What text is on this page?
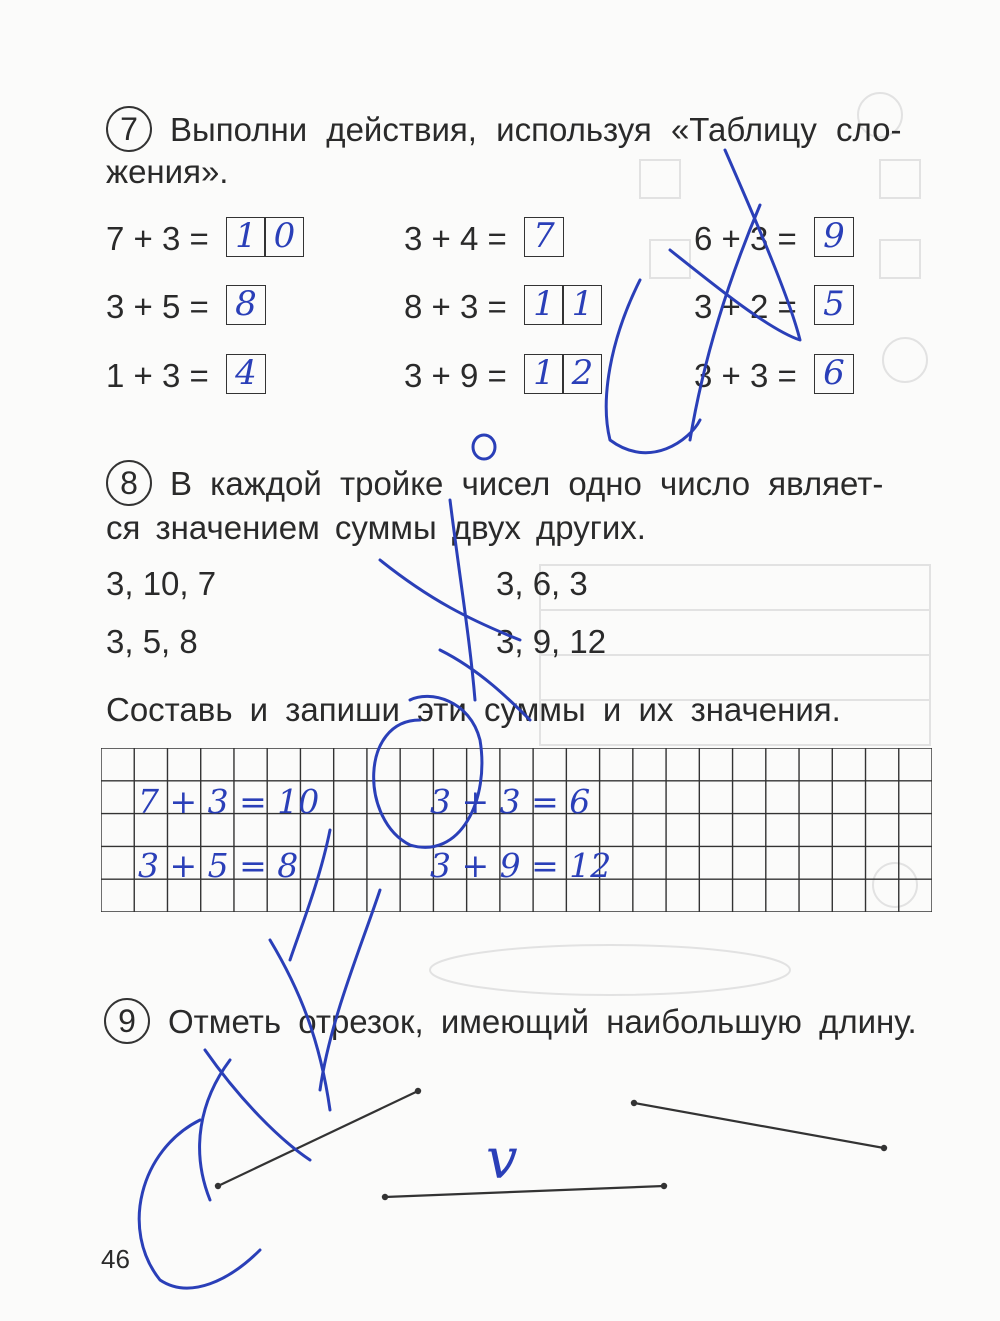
7 Выполни действия, используя «Таблицу сло-
жения».
7 + 3 = 1 0	3 + 4 = 7	6 + 3 = 9
3 + 5 = 8	8 + 3 = 1 1	3 + 2 = 5
1 + 3 = 4	3 + 9 = 1 2	3 + 3 = 6
8 В каждой тройке чисел одно число являет-
ся значением суммы двух других.
3, 10, 7	3, 6, 3
3, 5, 8	3, 9, 12
Составь и запиши эти суммы и их значения.
7 + 3 = 10	3 + 3 = 6
3 + 5 = 8	3 + 9 = 12
9 Отметь отрезок, имеющий наибольшую длину.
v
46
